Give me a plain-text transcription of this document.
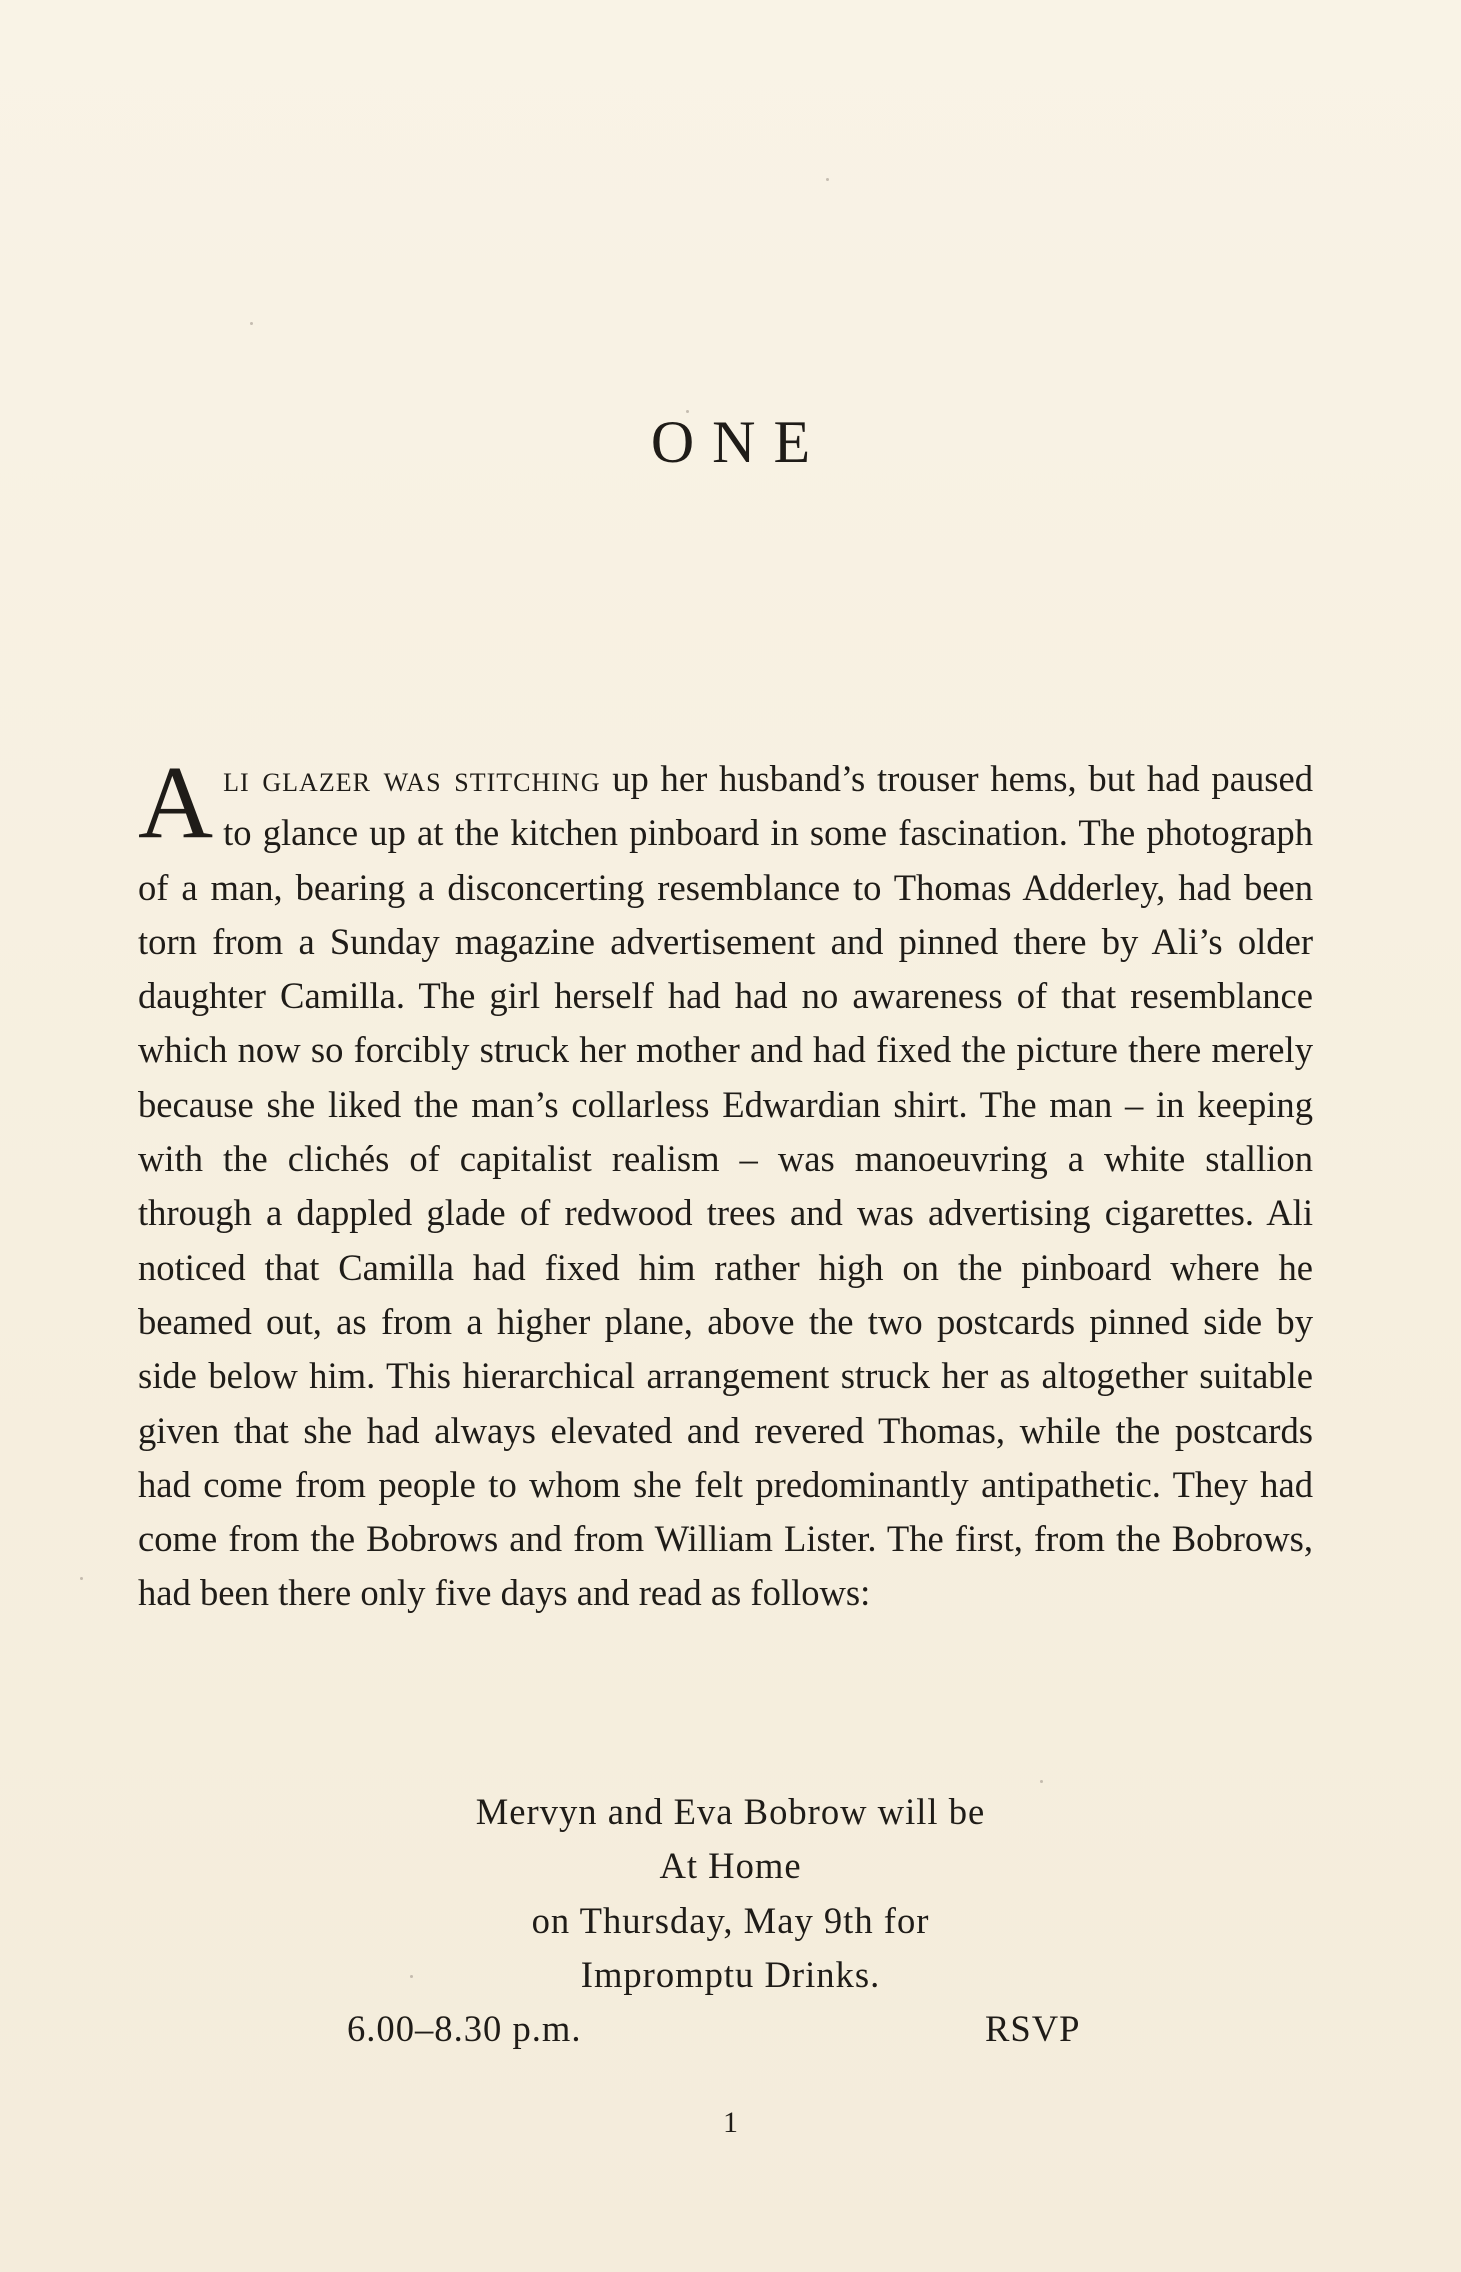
ONE

Ali glazer was stitching up her husband’s trouser hems, but had paused to glance up at the kitchen pinboard in some fascination. The photograph of a man, bearing a disconcerting resemblance to Thomas Adderley, had been torn from a Sunday magazine advertisement and pinned there by Ali’s older daughter Camilla. The girl herself had had no awareness of that resemblance which now so forcibly struck her mother and had fixed the picture there merely because she liked the man’s collarless Edwardian shirt. The man – in keeping with the clichés of capitalist realism – was manoeuvring a white stallion through a dappled glade of redwood trees and was advertising cigarettes. Ali noticed that Camilla had fixed him rather high on the pinboard where he beamed out, as from a higher plane, above the two postcards pinned side by side below him. This hierarchical arrangement struck her as altogether suitable given that she had always elevated and revered Thomas, while the postcards had come from people to whom she felt predominantly antipathetic. They had come from the Bobrows and from William Lister. The first, from the Bobrows, had been there only five days and read as follows:

Mervyn and Eva Bobrow will be
At Home
on Thursday, May 9th for
Impromptu Drinks.
6.00–8.30 p.m.	RSVP
1
